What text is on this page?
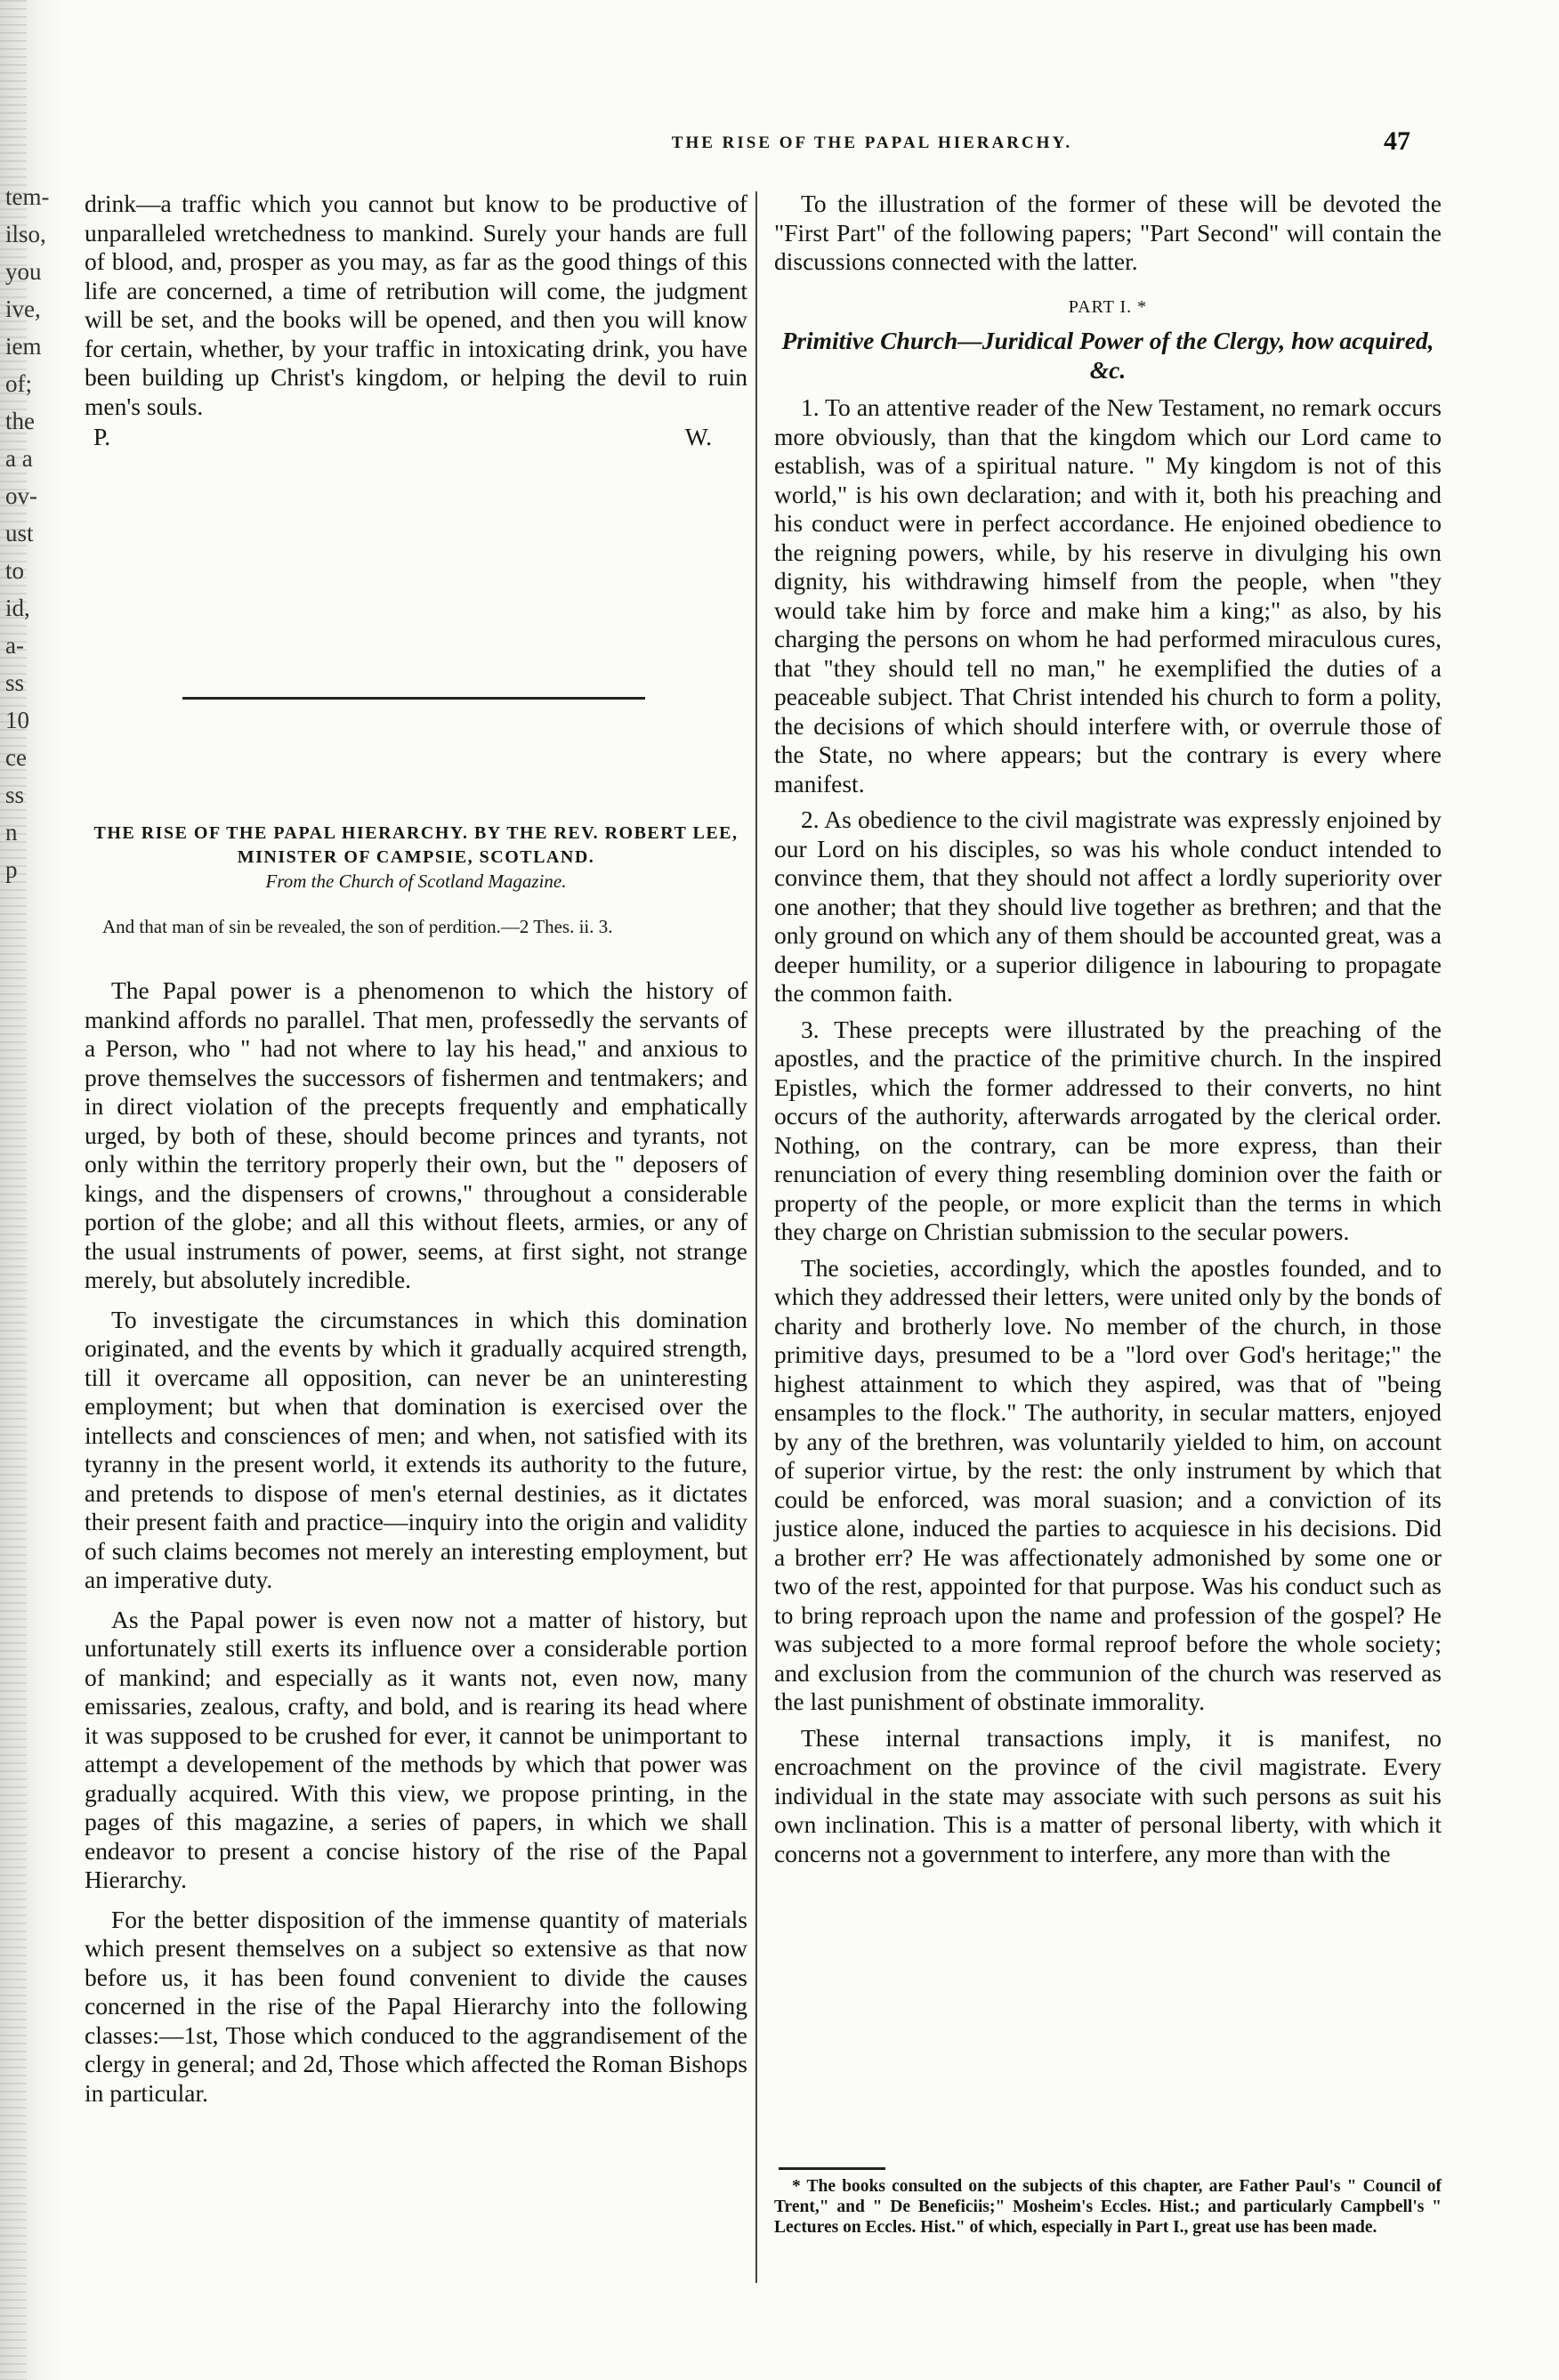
tem-
ilso,
you
ive,
iem
of;
the
a a
ov-
ust
to
id,
a-
ss
10
ce
ss
n
p
THE RISE OF THE PAPAL HIERARCHY.	47

drink—a traffic which you cannot but know to be productive of unparalleled wretchedness to mankind. Surely your hands are full of blood, and, prosper as you may, as far as the good things of this life are concerned, a time of retribution will come, the judgment will be set, and the books will be opened, and then you will know for certain, whether, by your traffic in intoxicating drink, you have been building up Christ's kingdom, or helping the devil to ruin men's souls.

P.	W.

THE RISE OF THE PAPAL HIERARCHY. BY THE REV. ROBERT LEE, MINISTER OF CAMPSIE, SCOTLAND.
From the Church of Scotland Magazine.

And that man of sin be revealed, the son of perdition.—2 Thes. ii. 3.

The Papal power is a phenomenon to which the history of mankind affords no parallel. That men, professedly the servants of a Person, who " had not where to lay his head," and anxious to prove themselves the successors of fishermen and tentmakers; and in direct violation of the precepts frequently and emphatically urged, by both of these, should become princes and tyrants, not only within the territory properly their own, but the " deposers of kings, and the dispensers of crowns," throughout a considerable portion of the globe; and all this without fleets, armies, or any of the usual instruments of power, seems, at first sight, not strange merely, but absolutely incredible.

To investigate the circumstances in which this domination originated, and the events by which it gradually acquired strength, till it overcame all opposition, can never be an uninteresting employment; but when that domination is exercised over the intellects and consciences of men; and when, not satisfied with its tyranny in the present world, it extends its authority to the future, and pretends to dispose of men's eternal destinies, as it dictates their present faith and practice—inquiry into the origin and validity of such claims becomes not merely an interesting employment, but an imperative duty.

As the Papal power is even now not a matter of history, but unfortunately still exerts its influence over a considerable portion of mankind; and especially as it wants not, even now, many emissaries, zealous, crafty, and bold, and is rearing its head where it was supposed to be crushed for ever, it cannot be unimportant to attempt a developement of the methods by which that power was gradually acquired. With this view, we propose printing, in the pages of this magazine, a series of papers, in which we shall endeavor to present a concise history of the rise of the Papal Hierarchy.

For the better disposition of the immense quantity of materials which present themselves on a subject so extensive as that now before us, it has been found convenient to divide the causes concerned in the rise of the Papal Hierarchy into the following classes:—1st, Those which conduced to the aggrandisement of the clergy in general; and 2d, Those which affected the Roman Bishops in particular.

To the illustration of the former of these will be devoted the "First Part" of the following papers; "Part Second" will contain the discussions connected with the latter.

PART I. *

Primitive Church—Juridical Power of the Clergy, how acquired, &c.

1. To an attentive reader of the New Testament, no remark occurs more obviously, than that the kingdom which our Lord came to establish, was of a spiritual nature. " My kingdom is not of this world," is his own declaration; and with it, both his preaching and his conduct were in perfect accordance. He enjoined obedience to the reigning powers, while, by his reserve in divulging his own dignity, his withdrawing himself from the people, when "they would take him by force and make him a king;" as also, by his charging the persons on whom he had performed miraculous cures, that "they should tell no man," he exemplified the duties of a peaceable subject. That Christ intended his church to form a polity, the decisions of which should interfere with, or overrule those of the State, no where appears; but the contrary is every where manifest.

2. As obedience to the civil magistrate was expressly enjoined by our Lord on his disciples, so was his whole conduct intended to convince them, that they should not affect a lordly superiority over one another; that they should live together as brethren; and that the only ground on which any of them should be accounted great, was a deeper humility, or a superior diligence in labouring to propagate the common faith.

3. These precepts were illustrated by the preaching of the apostles, and the practice of the primitive church. In the inspired Epistles, which the former addressed to their converts, no hint occurs of the authority, afterwards arrogated by the clerical order. Nothing, on the contrary, can be more express, than their renunciation of every thing resembling dominion over the faith or property of the people, or more explicit than the terms in which they charge on Christian submission to the secular powers.

The societies, accordingly, which the apostles founded, and to which they addressed their letters, were united only by the bonds of charity and brotherly love. No member of the church, in those primitive days, presumed to be a "lord over God's heritage;" the highest attainment to which they aspired, was that of "being ensamples to the flock." The authority, in secular matters, enjoyed by any of the brethren, was voluntarily yielded to him, on account of superior virtue, by the rest: the only instrument by which that could be enforced, was moral suasion; and a conviction of its justice alone, induced the parties to acquiesce in his decisions. Did a brother err? He was affectionately admonished by some one or two of the rest, appointed for that purpose. Was his conduct such as to bring reproach upon the name and profession of the gospel? He was subjected to a more formal reproof before the whole society; and exclusion from the communion of the church was reserved as the last punishment of obstinate immorality.

These internal transactions imply, it is manifest, no encroachment on the province of the civil magistrate. Every individual in the state may associate with such persons as suit his own inclination. This is a matter of personal liberty, with which it concerns not a government to interfere, any more than with the

* The books consulted on the subjects of this chapter, are Father Paul's " Council of Trent," and " De Beneficiis;" Mosheim's Eccles. Hist.; and particularly Campbell's " Lectures on Eccles. Hist." of which, especially in Part I., great use has been made.
